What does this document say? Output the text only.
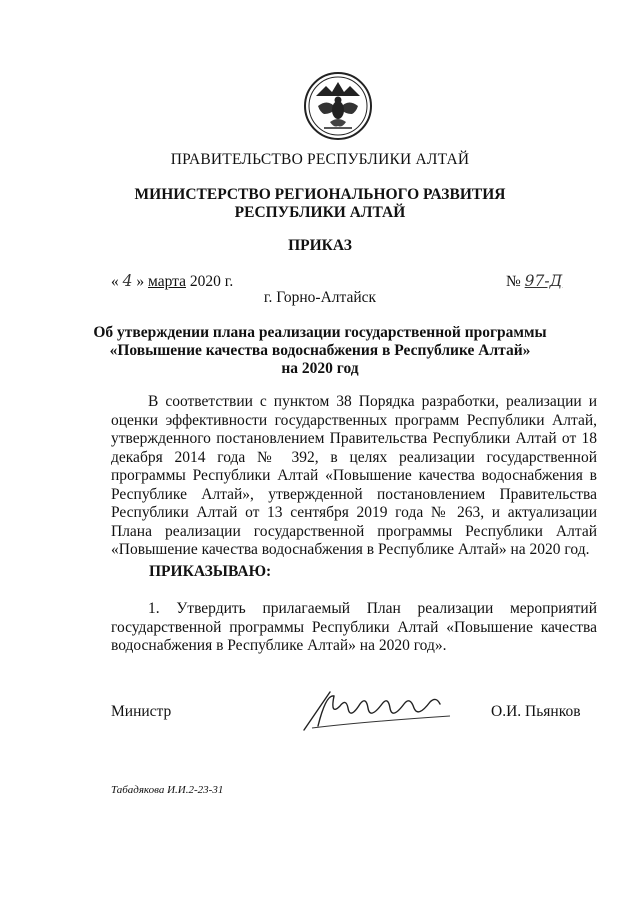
ПРАВИТЕЛЬСТВО РЕСПУБЛИКИ АЛТАЙ
МИНИСТЕРСТВО РЕГИОНАЛЬНОГО РАЗВИТИЯ
РЕСПУБЛИКИ АЛТАЙ
ПРИКАЗ
« 4 » марта 2020 г.	№ 97-Д
г. Горно-Алтайск
Об утверждении плана реализации государственной программы
«Повышение качества водоснабжения в Республике Алтай»
на 2020 год

В соответствии с пунктом 38 Порядка разработки, реализации и оценки эффективности государственных программ Республики Алтай, утвержденного постановлением Правительства Республики Алтай от 18 декабря 2014 года № 392, в целях реализации государственной программы Республики Алтай «Повышение качества водоснабжения в Республике Алтай», утвержденной постановлением Правительства Республики Алтай от 13 сентября 2019 года № 263, и актуализации Плана реализации государственной программы Республики Алтай «Повышение качества водоснабжения в Республике Алтай» на 2020 год.

ПРИКАЗЫВАЮ:

1. Утвердить прилагаемый План реализации мероприятий государственной программы Республики Алтай «Повышение качества водоснабжения в Республике Алтай» на 2020 год».

Министр	О.И. Пьянков
Табадякова И.И.2-23-31
